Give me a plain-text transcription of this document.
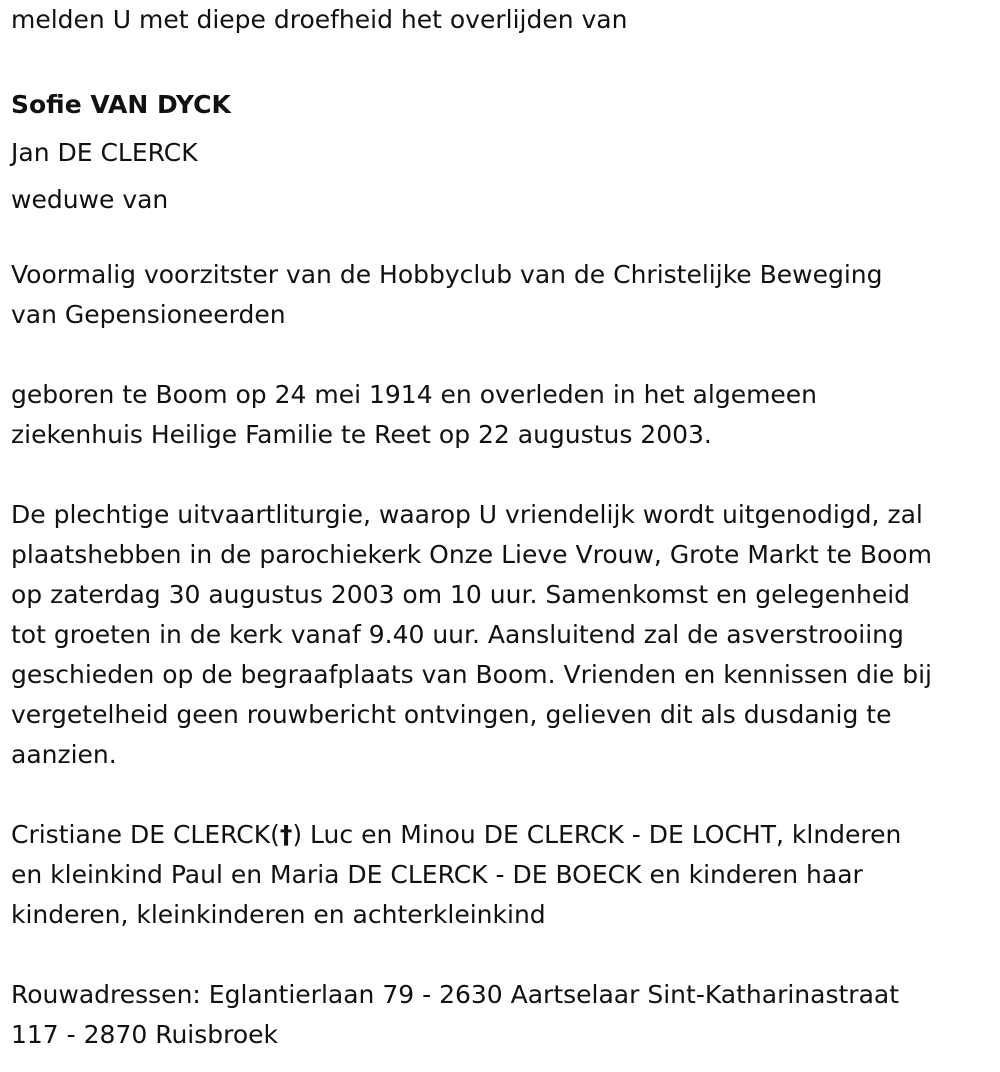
melden U met diepe droefheid het overlijden van

Sofie VAN DYCK

Jan DE CLERCK

weduwe van

Voormalig voorzitster van de Hobbyclub van de Christelijke Beweging

van Gepensioneerden

geboren te Boom op 24 mei 1914 en overleden in het algemeen

ziekenhuis Heilige Familie te Reet op 22 augustus 2003.

De plechtige uitvaartliturgie, waarop U vriendelijk wordt uitgenodigd, zal

plaatshebben in de parochiekerk Onze Lieve Vrouw, Grote Markt te Boom

op zaterdag 30 augustus 2003 om 10 uur. Samenkomst en gelegenheid

tot groeten in de kerk vanaf 9.40 uur. Aansluitend zal de asverstrooiing

geschieden op de begraafplaats van Boom. Vrienden en kennissen die bij

vergetelheid geen rouwbericht ontvingen, gelieven dit als dusdanig te

aanzien.

Cristiane DE CLERCK(†) Luc en Minou DE CLERCK - DE LOCHT, klnderen

en kleinkind Paul en Maria DE CLERCK - DE BOECK en kinderen haar

kinderen, kleinkinderen en achterkleinkind

Rouwadressen: Eglantierlaan 79 - 2630 Aartselaar Sint-Katharinastraat

117 - 2870 Ruisbroek
